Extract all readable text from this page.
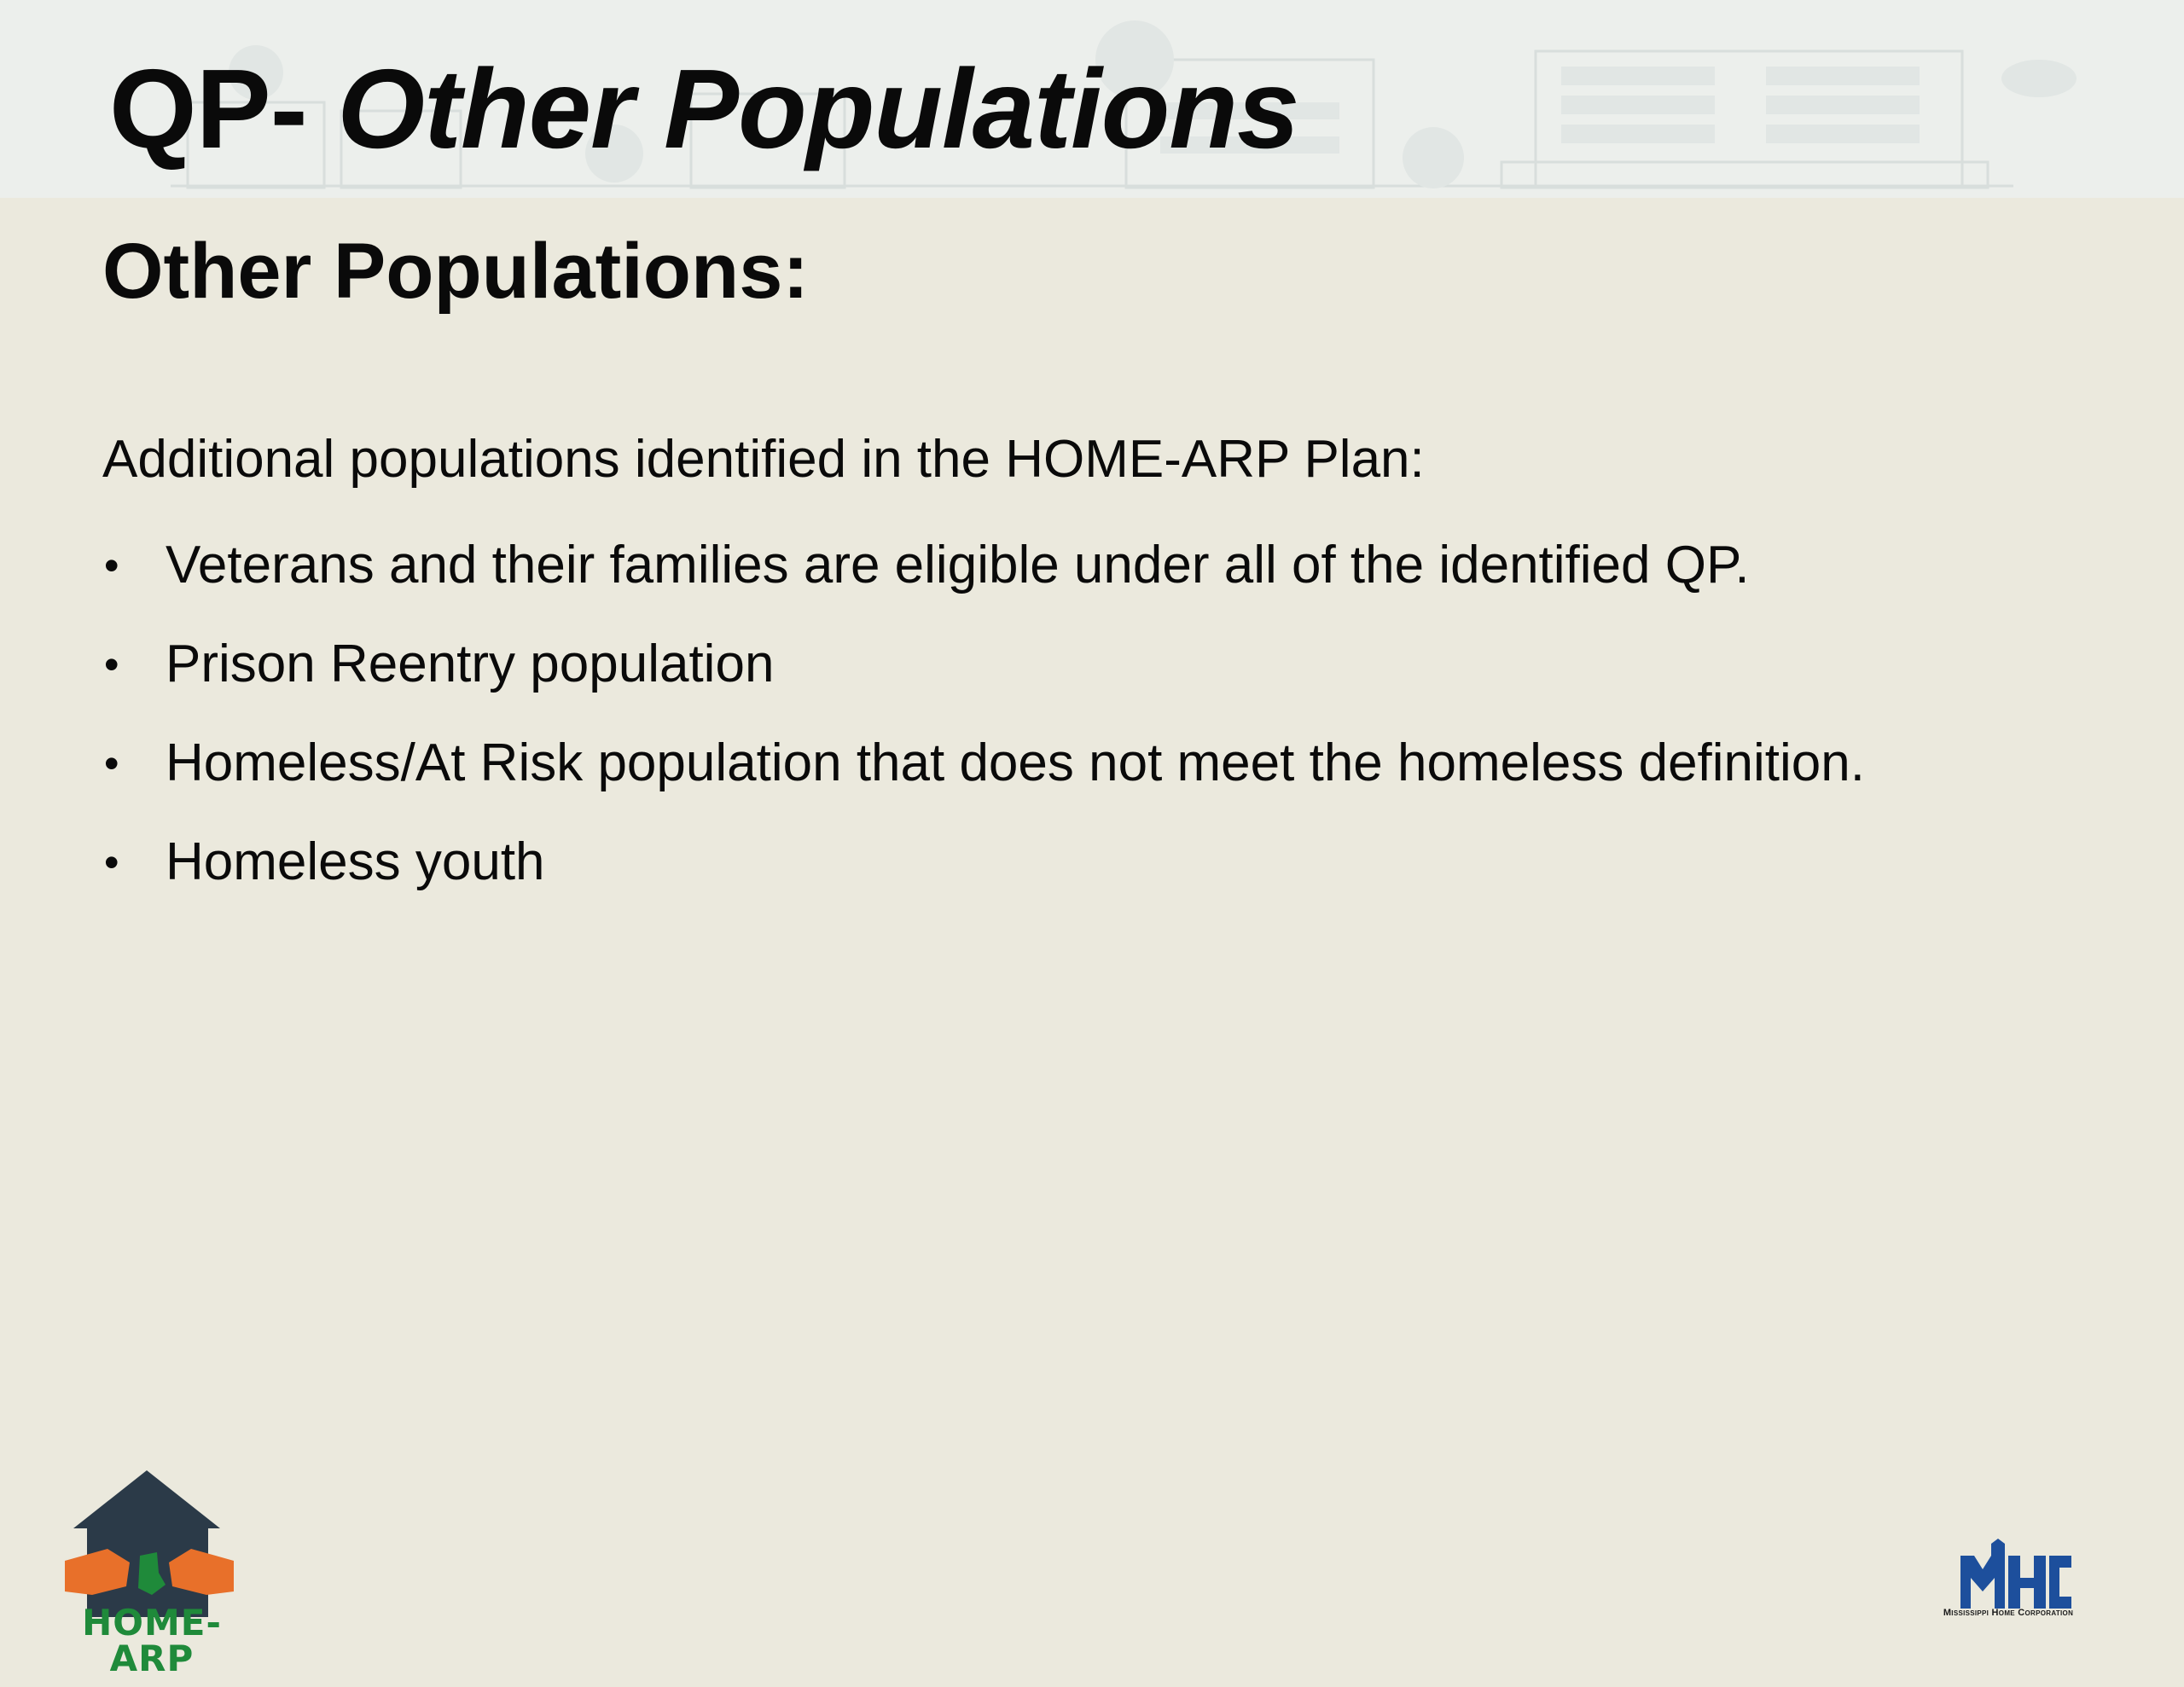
QP- Other Populations
Other Populations:

Additional populations identified in the HOME-ARP Plan:

• Veterans and their families are eligible under all of the identified QP.
• Prison Reentry population
• Homeless/At Risk population that does not meet the homeless definition.
• Homeless youth
HOME-ARP
Mississippi Home Corporation
